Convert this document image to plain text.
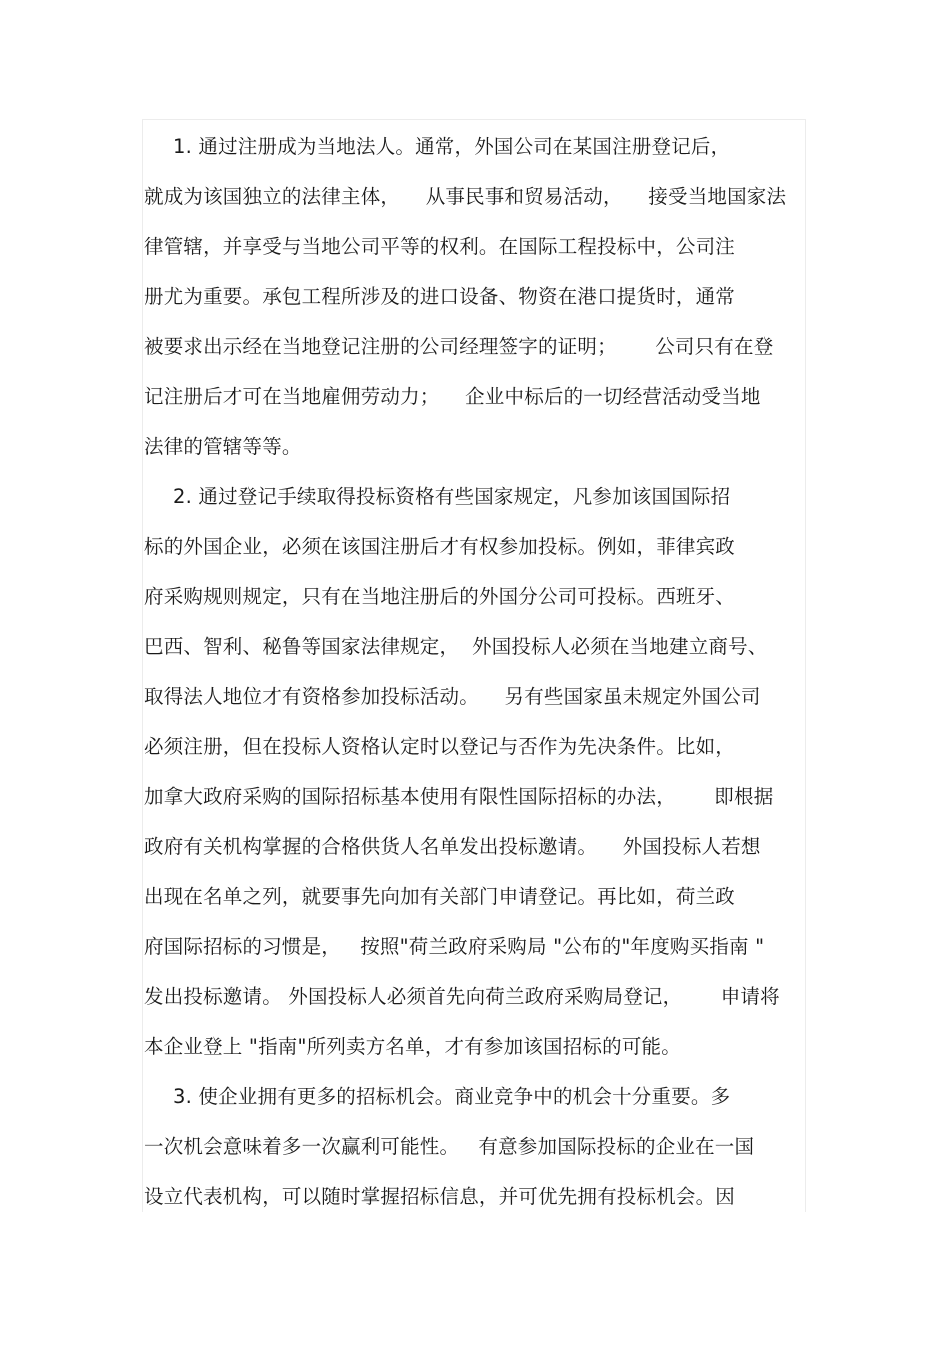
1. 通过注册成为当地法人。通常，外国公司在某国注册登记后，
就成为该国独立的法律主体，    从事民事和贸易活动，    接受当地国家法
律管辖，并享受与当地公司平等的权利。在国际工程投标中，公司注
册尤为重要。承包工程所涉及的进口设备、物资在港口提货时，通常
被要求出示经在当地登记注册的公司经理签字的证明；      公司只有在登
记注册后才可在当地雇佣劳动力；    企业中标后的一切经营活动受当地
法律的管辖等等。
2. 通过登记手续取得投标资格有些国家规定，凡参加该国国际招
标的外国企业，必须在该国注册后才有权参加投标。例如，菲律宾政
府采购规则规定，只有在当地注册后的外国分公司可投标。西班牙、
巴西、智利、秘鲁等国家法律规定，  外国投标人必须在当地建立商号、
取得法人地位才有资格参加投标活动。    另有些国家虽未规定外国公司
必须注册，但在投标人资格认定时以登记与否作为先决条件。比如，
加拿大政府采购的国际招标基本使用有限性国际招标的办法，      即根据
政府有关机构掌握的合格供货人名单发出投标邀请。    外国投标人若想
出现在名单之列，就要事先向加有关部门申请登记。再比如，荷兰政
府国际招标的习惯是，   按照"荷兰政府采购局 "公布的"年度购买指南 "
发出投标邀请。 外国投标人必须首先向荷兰政府采购局登记，      申请将
本企业登上 "指南"所列卖方名单，才有参加该国招标的可能。
3. 使企业拥有更多的招标机会。商业竞争中的机会十分重要。多
一次机会意味着多一次赢利可能性。   有意参加国际投标的企业在一国
设立代表机构，可以随时掌握招标信息，并可优先拥有投标机会。因
